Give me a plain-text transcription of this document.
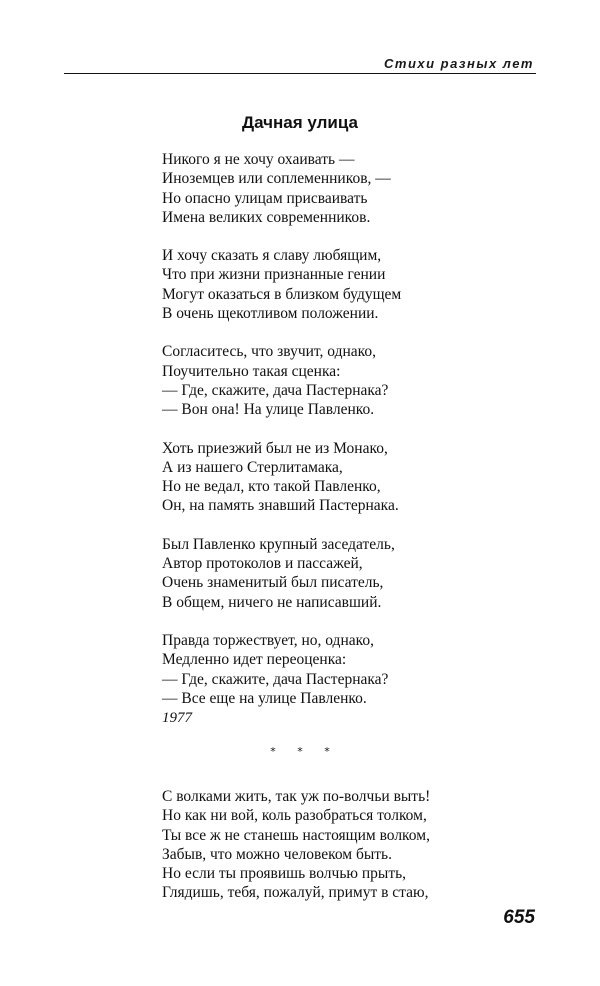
Стихи разных лет
Дачная улица
Никого я не хочу охаивать —
Иноземцев или соплеменников, —
Но опасно улицам присваивать
Имена великих современников.
И хочу сказать я славу любящим,
Что при жизни признанные гении
Могут оказаться в близком будущем
В очень щекотливом положении.
Согласитесь, что звучит, однако,
Поучительно такая сценка:
— Где, скажите, дача Пастернака?
— Вон она! На улице Павленко.
Хоть приезжий был не из Монако,
А из нашего Стерлитамака,
Но не ведал, кто такой Павленко,
Он, на память знавший Пастернака.
Был Павленко крупный заседатель,
Автор протоколов и пассажей,
Очень знаменитый был писатель,
В общем, ничего не написавший.
Правда торжествует, но, однако,
Медленно идет переоценка:
— Где, скажите, дача Пастернака?
— Все еще на улице Павленко.
1977
* * *
С волками жить, так уж по-волчьи выть!
Но как ни вой, коль разобраться толком,
Ты все ж не станешь настоящим волком,
Забыв, что можно человеком быть.
Но если ты проявишь волчью прыть,
Глядишь, тебя, пожалуй, примут в стаю,
655
